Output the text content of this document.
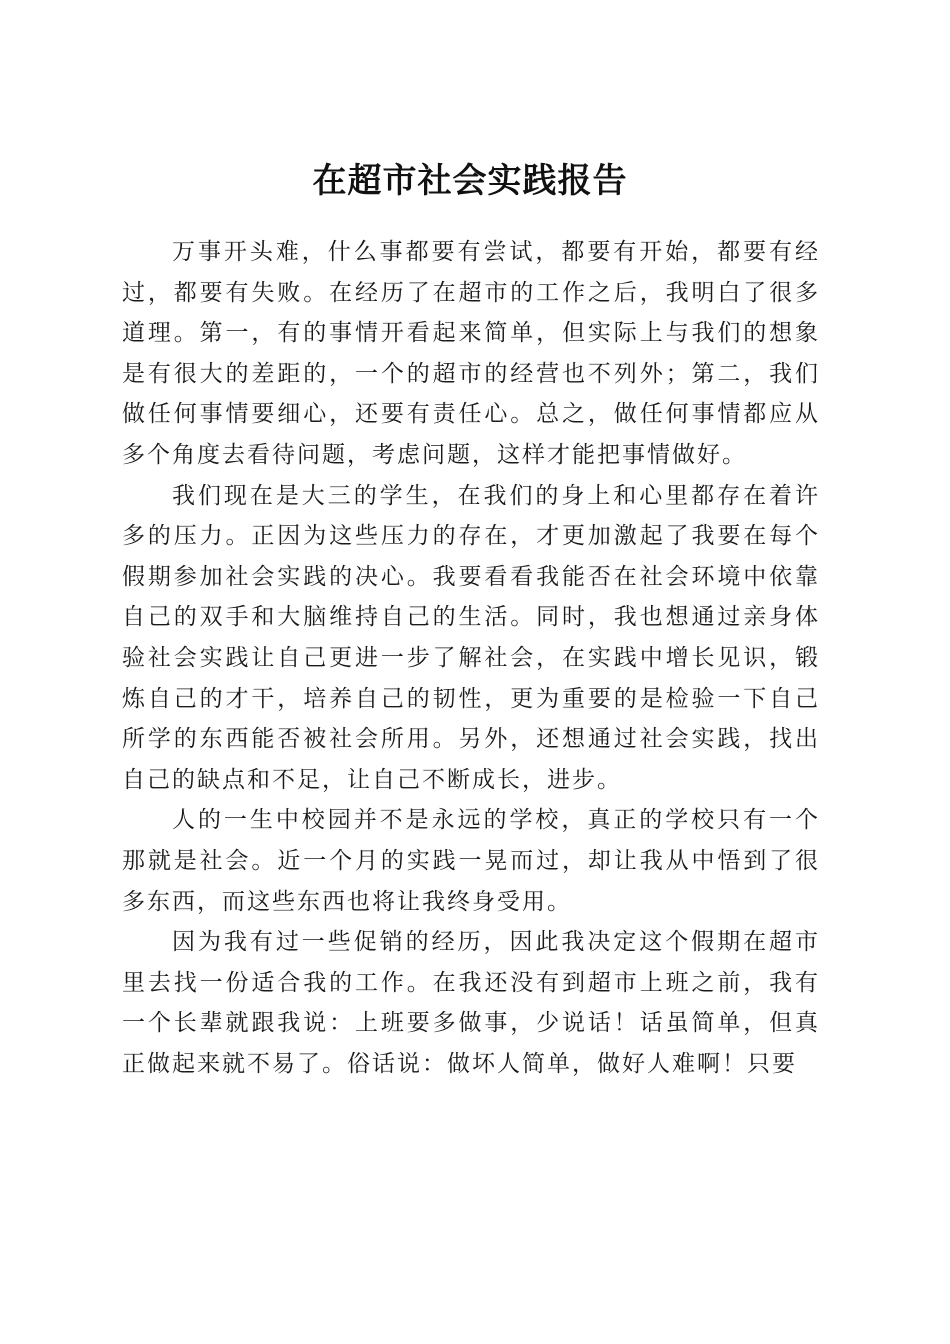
在超市社会实践报告

万事开头难，什么事都要有尝试，都要有开始，都要有经过，都要有失败。在经历了在超市的工作之后，我明白了很多道理。第一，有的事情开看起来简单，但实际上与我们的想象是有很大的差距的，一个的超市的经营也不列外；第二，我们做任何事情要细心，还要有责任心。总之，做任何事情都应从多个角度去看待问题，考虑问题，这样才能把事情做好。

我们现在是大三的学生，在我们的身上和心里都存在着许多的压力。正因为这些压力的存在，才更加激起了我要在每个假期参加社会实践的决心。我要看看我能否在社会环境中依靠自己的双手和大脑维持自己的生活。同时，我也想通过亲身体验社会实践让自己更进一步了解社会，在实践中增长见识，锻炼自己的才干，培养自己的韧性，更为重要的是检验一下自己所学的东西能否被社会所用。另外，还想通过社会实践，找出自己的缺点和不足，让自己不断成长，进步。

人的一生中校园并不是永远的学校，真正的学校只有一个那就是社会。近一个月的实践一晃而过，却让我从中悟到了很多东西，而这些东西也将让我终身受用。

因为我有过一些促销的经历，因此我决定这个假期在超市里去找一份适合我的工作。在我还没有到超市上班之前，我有一个长辈就跟我说：上班要多做事，少说话！话虽简单，但真正做起来就不易了。俗话说：做坏人简单，做好人难啊！只要
